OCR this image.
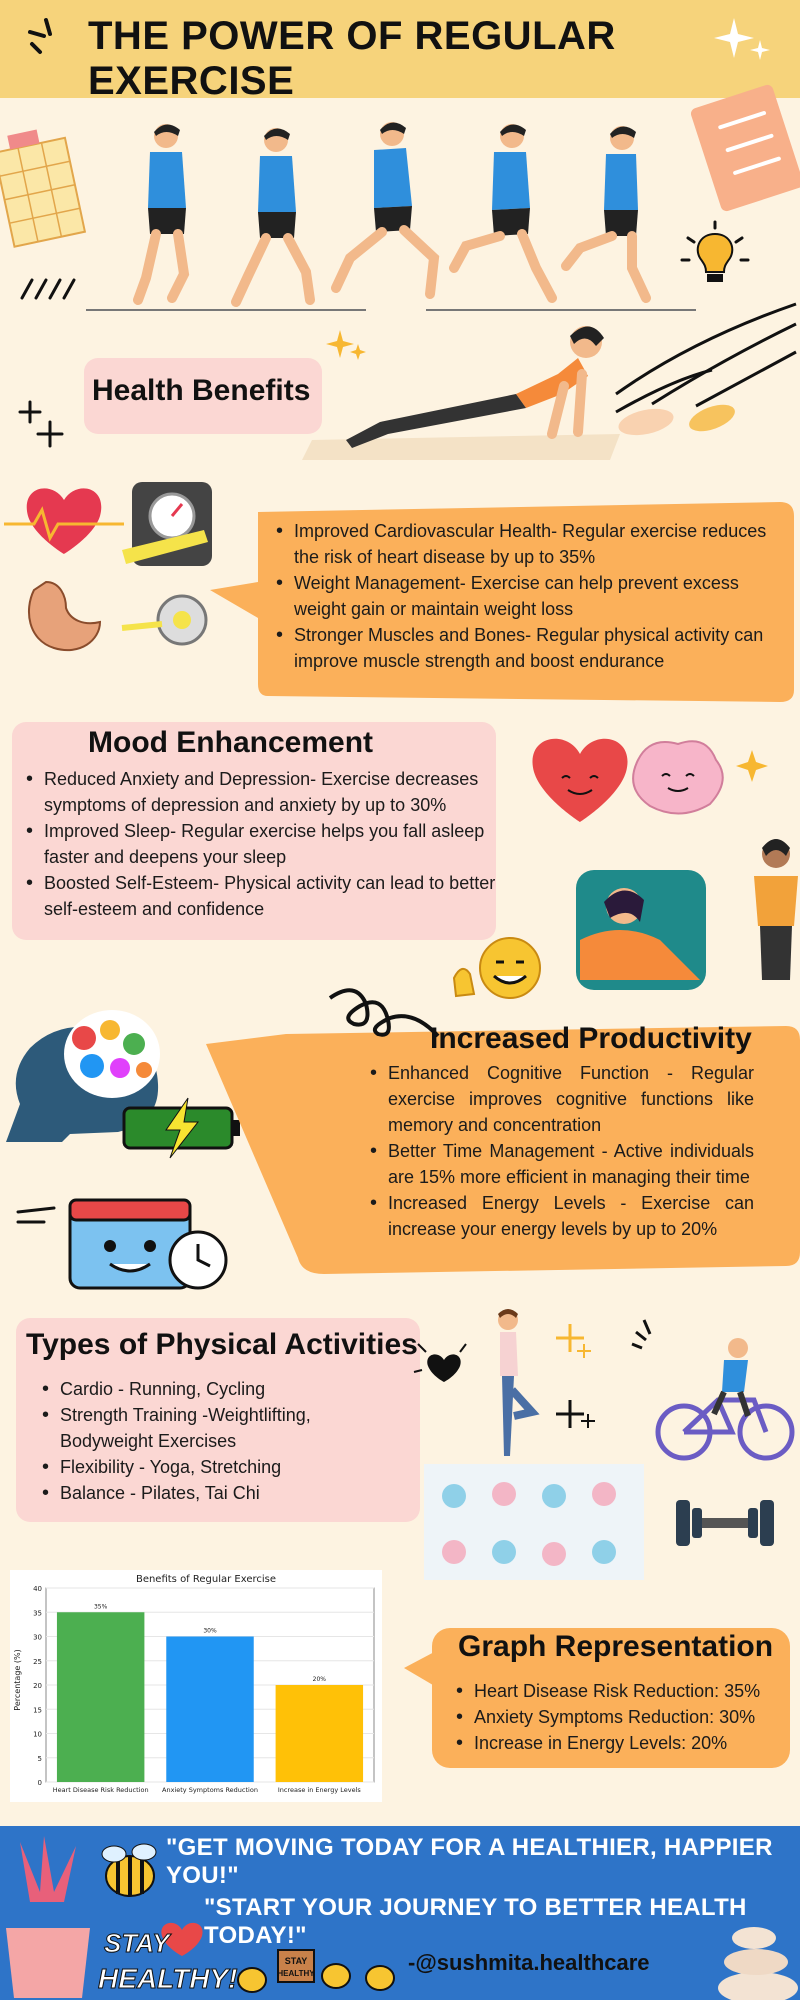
THE POWER OF REGULAR EXERCISE
Health Benefits
• Improved Cardiovascular Health- Regular exercise reduces the risk of heart disease by up to 35%
• Weight Management- Exercise can help prevent excess weight gain or maintain weight loss
• Stronger Muscles and Bones- Regular physical activity can improve muscle strength and boost endurance
Mood Enhancement
• Reduced Anxiety and Depression- Exercise decreases symptoms of depression and anxiety by up to 30%
• Improved Sleep- Regular exercise helps you fall asleep faster and deepens your sleep
• Boosted Self-Esteem- Physical activity can lead to better self-esteem and confidence
Increased Productivity
• Enhanced Cognitive Function - Regular exercise improves cognitive functions like memory and concentration
• Better Time Management - Active individuals are 15% more efficient in managing their time
• Increased Energy Levels - Exercise can increase your energy levels by up to 20%
Types of Physical Activities
• Cardio - Running, Cycling
• Strength Training -Weightlifting, Bodyweight Exercises
• Flexibility - Yoga, Stretching
• Balance - Pilates, Tai Chi
Benefits of Regular Exercise
Percentage (%)
35%
30%
20%
0
5
10
15
20
25
30
35
40
Heart Disease Risk Reduction Anxiety Symptoms Reduction	Increase in Energy Levels
Graph Representation
• Heart Disease Risk Reduction: 35%
• Anxiety Symptoms Reduction: 30%
• Increase in Energy Levels: 20%
"GET MOVING TODAY FOR A HEALTHIER, HAPPIER YOU!"
"START YOUR JOURNEY TO BETTER HEALTH TODAY!"
STAY
HEALTHY!
STAY
HEALTHY	-@sushmita.healthcare
